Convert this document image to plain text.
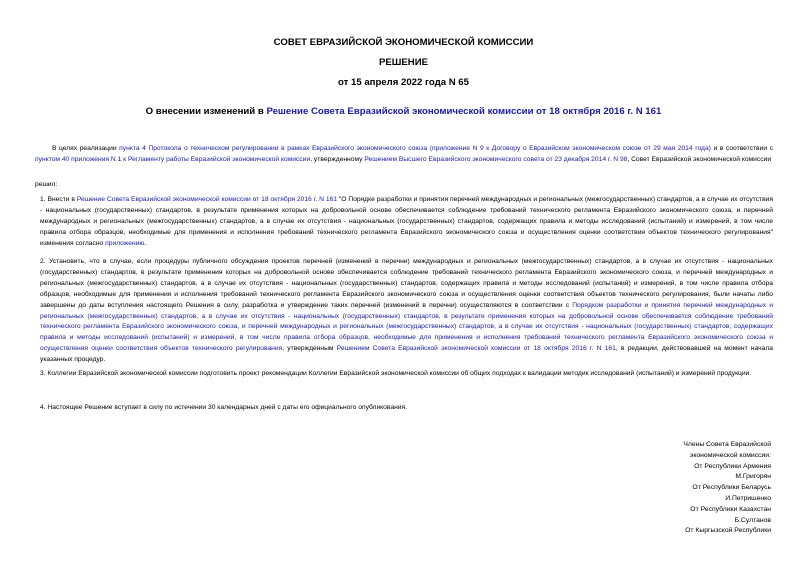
СОВЕТ ЕВРАЗИЙСКОЙ ЭКОНОМИЧЕСКОЙ КОМИССИИ
РЕШЕНИЕ
от 15 апреля 2022 года N 65
О внесении изменений в Решение Совета Евразийской экономической комиссии от 18 октября 2016 г. N 161
В целях реализации пункта 4 Протокола о техническом регулировании в рамках Евразийского экономического союза (приложение N 9 к Договору о Евразийском экономическом союзе от 29 мая 2014 года) и в соответствии с пунктом 40 приложения N 1 к Регламенту работы Евразийской экономической комиссии, утвержденному Решением Высшего Евразийского экономического совета от 23 декабря 2014 г. N 98, Совет Евразийской экономической комиссии
решил:
1. Внести в Решение Совета Евразийской экономической комиссии от 18 октября 2016 г. N 161 "О Порядке разработки и принятия перечней международных и региональных (межгосударственных) стандартов, а в случае их отсутствия - национальных (государственных) стандартов, в результате применения которых на добровольной основе обеспечивается соблюдение требований технического регламента Евразийского экономического союза, и перечней международных и региональных (межгосударственных) стандартов, а в случае их отсутствия - национальных (государственных) стандартов, содержащих правила и методы исследований (испытаний) и измерений, в том числе правила отбора образцов, необходимые для применения и исполнения требований технического регламента Евразийского экономического союза и осуществления оценки соответствия объектов технического регулирования" изменения согласно приложению.
2. Установить, что в случае, если процедуры публичного обсуждения проектов перечней (изменений в перечни) международных и региональных (межгосударственных) стандартов, а в случае их отсутствия - национальных (государственных) стандартов, в результате применения которых на добровольной основе обеспечивается соблюдение требований технического регламента Евразийского экономического союза, и перечней международных и региональных (межгосударственных) стандартов, а в случае их отсутствия - национальных (государственных) стандартов, содержащих правила и методы исследований (испытаний) и измерений, в том числе правила отбора образцов, необходимые для применения и исполнения требований технического регламента Евразийского экономического союза и осуществления оценки соответствия объектов технического регулирования, были начаты либо завершены до даты вступления настоящего Решения в силу, разработка и утверждение таких перечней (изменений в перечни) осуществляются в соответствии с Порядком разработки и принятия перечней международных и региональных (межгосударственных) стандартов, а в случае их отсутствия - национальных (государственных) стандартов, в результате применения которых на добровольной основе обеспечивается соблюдение требований технического регламента Евразийского экономического союза, и перечней международных и региональных (межгосударственных) стандартов, а в случае их отсутствия - национальных (государственных) стандартов, содержащих правила и методы исследований (испытаний) и измерений, в том числе правила отбора образцов, необходимые для применения и исполнения требований технического регламента Евразийского экономического союза и осуществления оценки соответствия объектов технического регулирования, утвержденным Решением Совета Евразийской экономической комиссии от 18 октября 2016 г. N 161, в редакции, действовавшей на момент начала указанных процедур.
3. Коллегии Евразийской экономической комиссии подготовить проект рекомендации Коллегии Евразийской экономической комиссии об общих подходах к валидации методик исследований (испытаний) и измерений продукции.
4. Настоящее Решение вступает в силу по истечении 30 календарных дней с даты его официального опубликования.
Члены Совета Евразийской
экономической комиссии:
От Республики Армения
М.Григорян
От Республики Беларусь
И.Петришенко
От Республики Казахстан
Б.Султанов
От Кыргызской Республики
